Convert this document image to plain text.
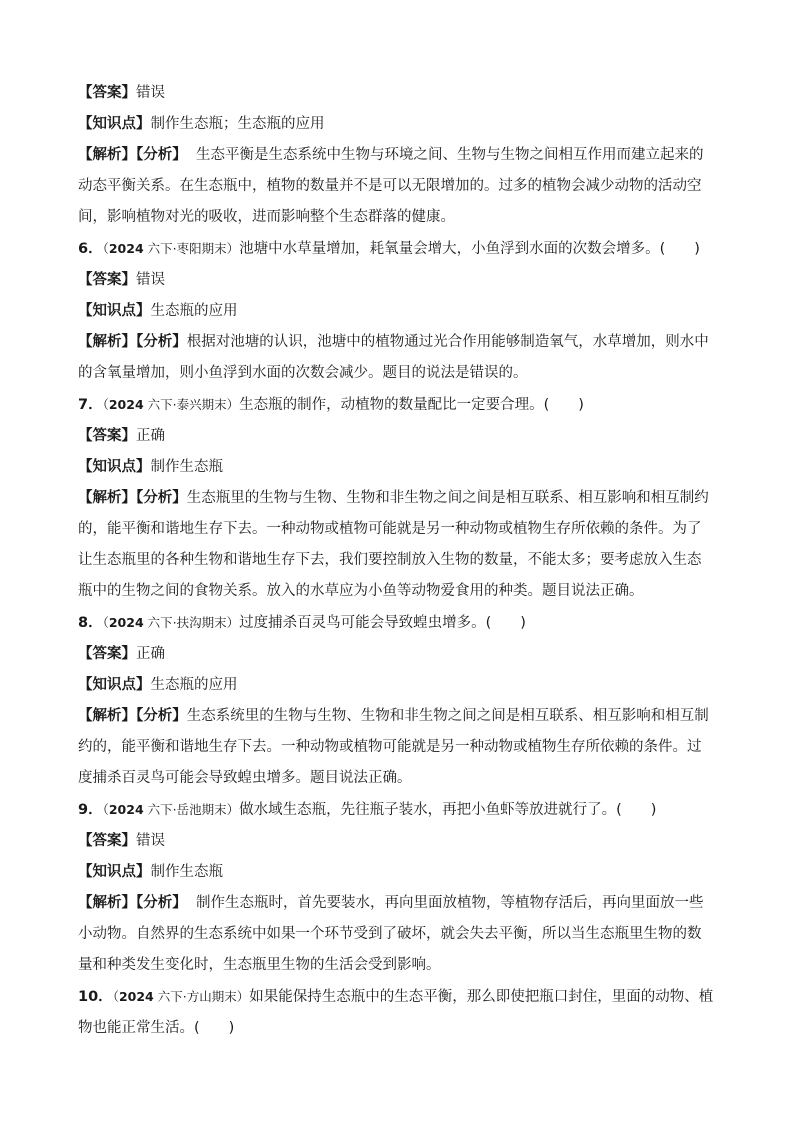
【答案】错误
【知识点】制作生态瓶；生态瓶的应用
【解析】【分析】 生态平衡是生态系统中生物与环境之间、生物与生物之间相互作用而建立起来的
动态平衡关系。在生态瓶中，植物的数量并不是可以无限增加的。过多的植物会减少动物的活动空
间，影响植物对光的吸收，进而影响整个生态群落的健康。
6．（2024 六下·枣阳期末）池塘中水草量增加，耗氧量会增大，小鱼浮到水面的次数会增多。(　　)
【答案】错误
【知识点】生态瓶的应用
【解析】【分析】根据对池塘的认识，池塘中的植物通过光合作用能够制造氧气，水草增加，则水中
的含氧量增加，则小鱼浮到水面的次数会减少。题目的说法是错误的。
7．（2024 六下·泰兴期末）生态瓶的制作，动植物的数量配比一定要合理。(　　)
【答案】正确
【知识点】制作生态瓶
【解析】【分析】生态瓶里的生物与生物、生物和非生物之间之间是相互联系、相互影响和相互制约
的，能平衡和谐地生存下去。一种动物或植物可能就是另一种动物或植物生存所依赖的条件。为了
让生态瓶里的各种生物和谐地生存下去，我们要控制放入生物的数量，不能太多；要考虑放入生态
瓶中的生物之间的食物关系。放入的水草应为小鱼等动物爱食用的种类。题目说法正确。
8．（2024 六下·扶沟期末）过度捕杀百灵鸟可能会导致蝗虫增多。(　　)
【答案】正确
【知识点】生态瓶的应用
【解析】【分析】生态系统里的生物与生物、生物和非生物之间之间是相互联系、相互影响和相互制
约的，能平衡和谐地生存下去。一种动物或植物可能就是另一种动物或植物生存所依赖的条件。过
度捕杀百灵鸟可能会导致蝗虫增多。题目说法正确。
9．（2024 六下·岳池期末）做水域生态瓶，先往瓶子装水，再把小鱼虾等放进就行了。(　　)
【答案】错误
【知识点】制作生态瓶
【解析】【分析】 制作生态瓶时，首先要装水，再向里面放植物，等植物存活后，再向里面放一些
小动物。自然界的生态系统中如果一个环节受到了破坏，就会失去平衡，所以当生态瓶里生物的数
量和种类发生变化时，生态瓶里生物的生活会受到影响。
10．（2024 六下·方山期末）如果能保持生态瓶中的生态平衡，那么即使把瓶口封住，里面的动物、植
物也能正常生活。(　　)
